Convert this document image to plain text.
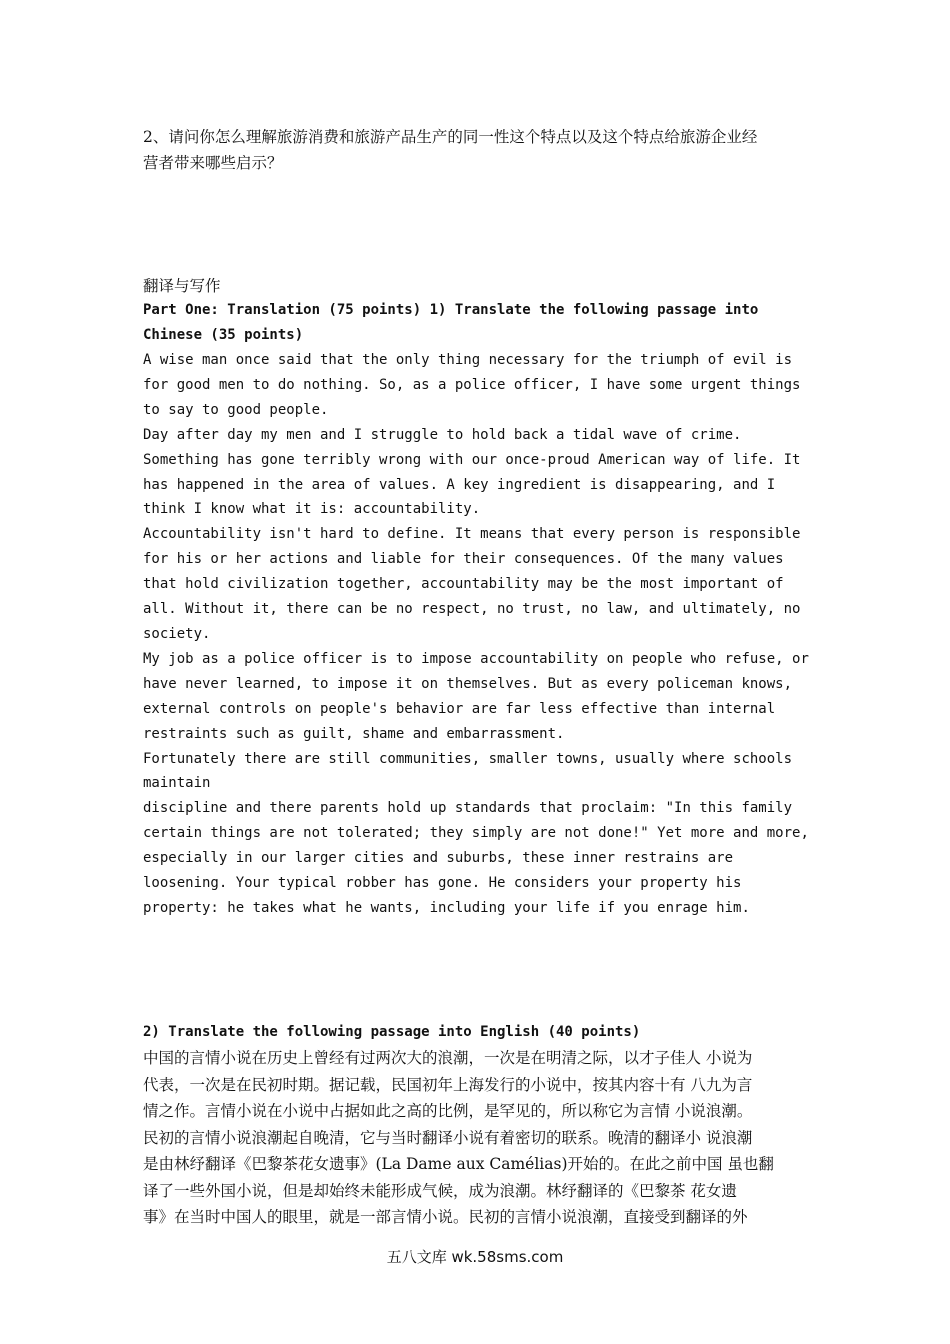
2、请问你怎么理解旅游消费和旅游产品生产的同一性这个特点以及这个特点给旅游企业经
营者带来哪些启示？
翻译与写作
Part One: Translation (75 points) 1) Translate the following passage into
Chinese (35 points)
A wise man once said that the only thing necessary for the triumph of evil is
for good men to do nothing. So, as a police officer, I have some urgent things
to say to good people.
Day after day my men and I struggle to hold back a tidal wave of crime.
Something has gone terribly wrong with our once-proud American way of life. It
has happened in the area of values. A key ingredient is disappearing, and I
think I know what it is: accountability.
Accountability isn't hard to define. It means that every person is responsible
for his or her actions and liable for their consequences. Of the many values
that hold civilization together, accountability may be the most important of
all. Without it, there can be no respect, no trust, no law, and ultimately, no
society.
My job as a police officer is to impose accountability on people who refuse, or
have never learned, to impose it on themselves. But as every policeman knows,
external controls on people's behavior are far less effective than internal
restraints such as guilt, shame and embarrassment.
Fortunately there are still communities, smaller towns, usually where schools
maintain
discipline and there parents hold up standards that proclaim: "In this family
certain things are not tolerated; they simply are not done!" Yet more and more,
especially in our larger cities and suburbs, these inner restrains are
loosening. Your typical robber has gone. He considers your property his
property: he takes what he wants, including your life if you enrage him.
2) Translate the following passage into English (40 points)
中国的言情小说在历史上曾经有过两次大的浪潮，一次是在明清之际，以才子佳人 小说为
代表，一次是在民初时期。据记载，民国初年上海发行的小说中，按其内容十有 八九为言
情之作。言情小说在小说中占据如此之高的比例，是罕见的，所以称它为言情 小说浪潮。
民初的言情小说浪潮起自晚清，它与当时翻译小说有着密切的联系。晚清的翻译小 说浪潮
是由林纾翻译《巴黎茶花女遗事》(La Dame aux Camélias)开始的。在此之前中国 虽也翻
译了一些外国小说，但是却始终未能形成气候，成为浪潮。林纾翻译的《巴黎茶 花女遗
事》在当时中国人的眼里，就是一部言情小说。民初的言情小说浪潮，直接受到翻译的外
五八文库 wk.58sms.com
